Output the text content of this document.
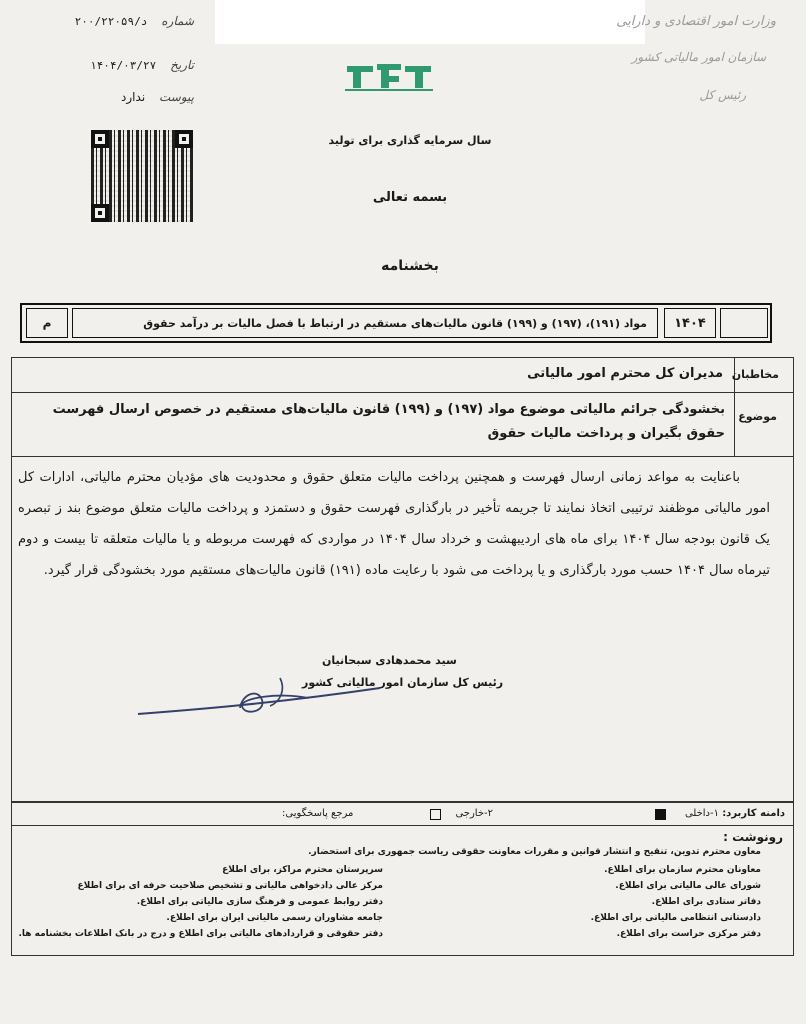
شماره د/۲۰۰/۲۲۰۵۹
تاریخ ۱۴۰۴/۰۳/۲۷
پیوست ندارد
وزارت امور اقتصادی و دارایی
سازمان امور مالیاتی کشور
رئیس کل
سال سرمایه گذاری برای تولید
بسمه تعالی
بخشنامه
م	مواد (۱۹۱)، (۱۹۷) و (۱۹۹) قانون مالیات‌های مستقیم در ارتباط با فصل مالیات بر درآمد حقوق	۱۴۰۴
مخاطبان
مدیران کل محترم امور مالیاتی
موضوع
بخشودگی جرائم مالیاتی موضوع مواد (۱۹۷) و (۱۹۹) قانون مالیات‌های مستقیم در خصوص ارسال فهرست حقوق بگیران و پرداخت مالیات حقوق
باعنایت به مواعد زمانی ارسال فهرست و همچنین پرداخت مالیات متعلق حقوق و محدودیت های مؤدیان محترم مالیاتی، ادارات کل امور مالیاتی موظفند ترتیبی اتخاذ نمایند تا جریمه تأخیر در بارگذاری فهرست حقوق و دستمزد و پرداخت مالیات متعلق موضوع بند ز تبصره یک قانون بودجه سال ۱۴۰۴ برای ماه های اردیبهشت و خرداد سال ۱۴۰۴ در مواردی که فهرست مربوطه و یا مالیات متعلقه تا بیست و دوم تیرماه سال ۱۴۰۴ حسب مورد بارگذاری و یا پرداخت می شود با رعایت ماده (۱۹۱) قانون مالیات‌های مستقیم مورد بخشودگی قرار گیرد.
سید محمدهادی سبحانیان
رئیس کل سازمان امور مالیاتی کشور
دامنه کاربرد:
۱-داخلی
۲-خارجی
مرجع پاسخگویی:
رونوشت :
معاون محترم تدوین، تنقیح و انتشار قوانین و مقررات معاونت حقوقی ریاست جمهوری برای استحضار.
معاونان محترم سازمان برای اطلاع.
شورای عالی مالیاتی برای اطلاع.
دفاتر ستادی برای اطلاع.
دادستانی انتظامی مالیاتی برای اطلاع.
دفتر مرکزی حراست برای اطلاع.
سرپرستان محترم مراکز، برای اطلاع
مرکز عالی دادخواهی مالیاتی و تشخیص صلاحیت حرفه ای برای اطلاع
دفتر روابط عمومی و فرهنگ سازی مالیاتی برای اطلاع.
جامعه مشاوران رسمی مالیاتی ایران برای اطلاع.
دفتر حقوقی و قراردادهای مالیاتی برای اطلاع و درج در بانک اطلاعات بخشنامه ها.
